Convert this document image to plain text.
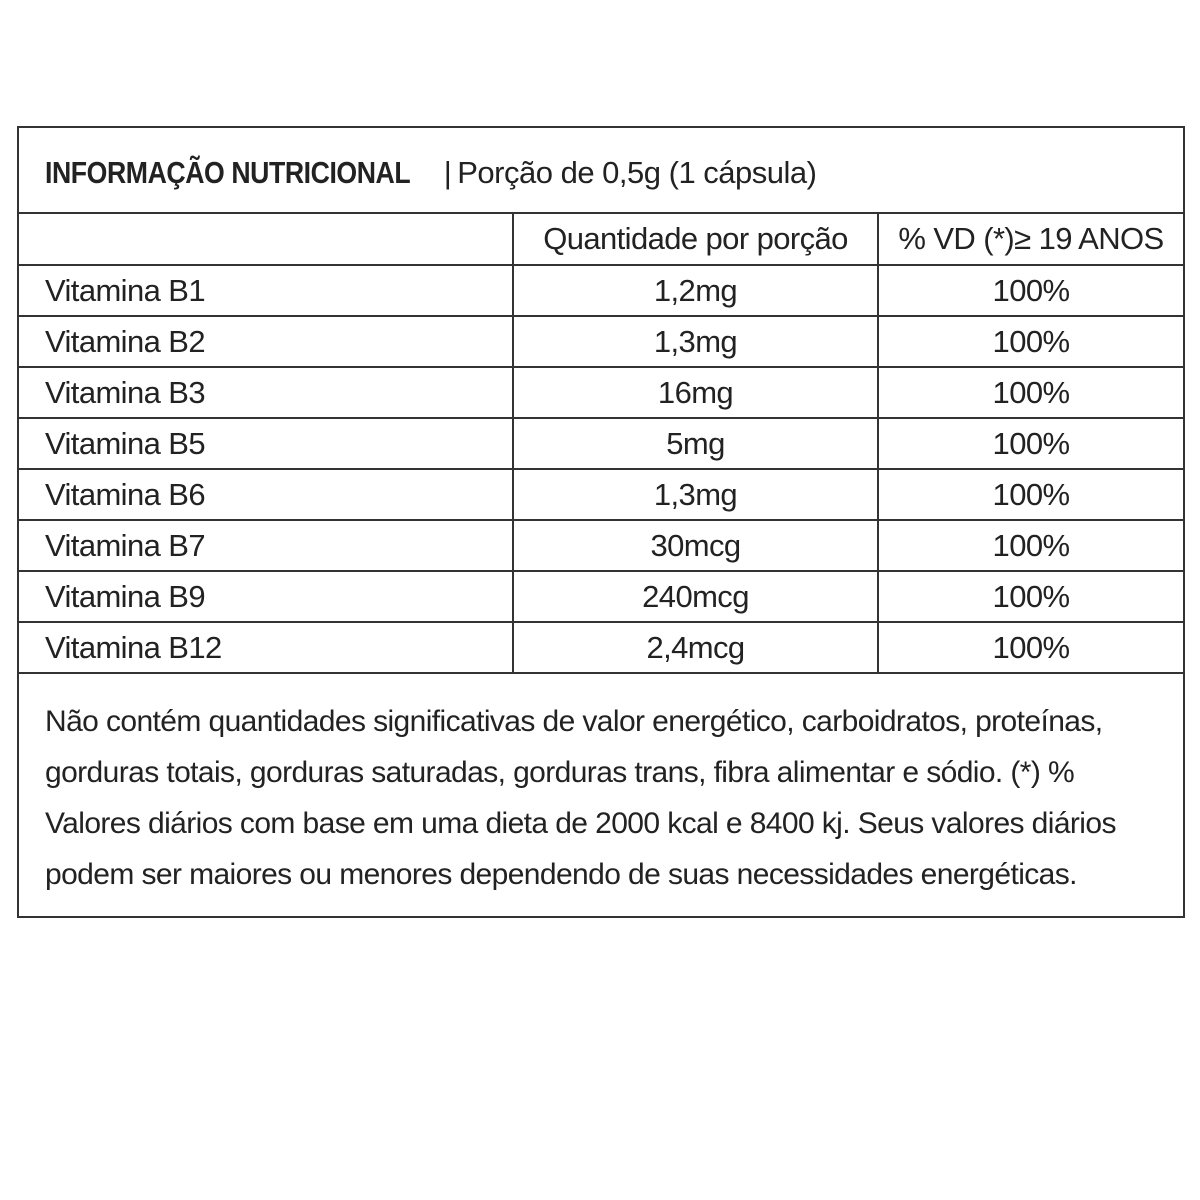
INFORMAÇÃO NUTRICIONAL | Porção de 0,5g (1 cápsula)
	Quantidade por porção	% VD (*)≥ 19 ANOS
Vitamina B1	1,2mg	100%
Vitamina B2	1,3mg	100%
Vitamina B3	16mg	100%
Vitamina B5	5mg	100%
Vitamina B6	1,3mg	100%
Vitamina B7	30mcg	100%
Vitamina B9	240mcg	100%
Vitamina B12	2,4mcg	100%
Não contém quantidades significativas de valor energético, carboidratos, proteínas,
gorduras totais, gorduras saturadas, gorduras trans, fibra alimentar e sódio. (*) %
Valores diários com base em uma dieta de 2000 kcal e 8400 kj. Seus valores diários
podem ser maiores ou menores dependendo de suas necessidades energéticas.
